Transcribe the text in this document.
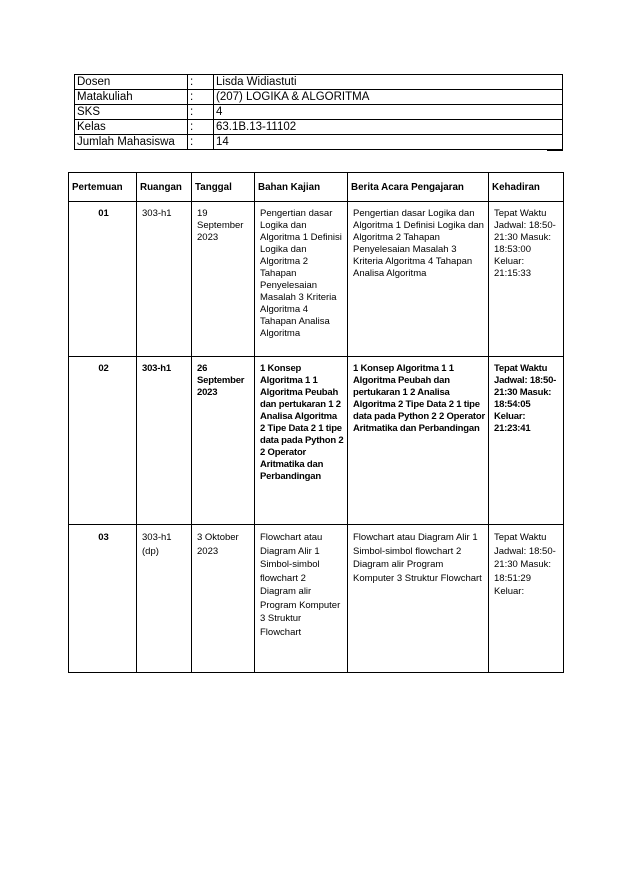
Dosen	:	Lisda Widiastuti
Matakuliah	:	(207) LOGIKA & ALGORITMA
SKS	:	4
Kelas	:	63.1B.13-11102
Jumlah Mahasiswa	:	14
Pertemuan	Ruangan	Tanggal	Bahan Kajian	Berita Acara Pengajaran	Kehadiran
01	303-h1	19 September 2023	Pengertian dasar Logika dan Algoritma 1 Definisi Logika dan Algoritma 2 Tahapan Penyelesaian Masalah 3 Kriteria Algoritma 4 Tahapan Analisa Algoritma	Pengertian dasar Logika dan Algoritma 1 Definisi Logika dan Algoritma 2 Tahapan Penyelesaian Masalah 3 Kriteria Algoritma 4 Tahapan Analisa Algoritma	Tepat Waktu Jadwal: 18:50-21:30 Masuk: 18:53:00 Keluar: 21:15:33
02	303-h1	26 September 2023	1 Konsep Algoritma 1 1 Algoritma Peubah dan pertukaran 1 2 Analisa Algoritma 2 Tipe Data 2 1 tipe data pada Python 2 2 Operator Aritmatika dan Perbandingan	1 Konsep Algoritma 1 1 Algoritma Peubah dan pertukaran 1 2 Analisa Algoritma 2 Tipe Data 2 1 tipe data pada Python 2 2 Operator Aritmatika dan Perbandingan	Tepat Waktu Jadwal: 18:50-21:30 Masuk: 18:54:05 Keluar: 21:23:41
03	303-h1 (dp)	3 Oktober 2023	Flowchart atau Diagram Alir 1 Simbol-simbol flowchart 2 Diagram alir Program Komputer 3 Struktur Flowchart	Flowchart atau Diagram Alir 1 Simbol-simbol flowchart 2 Diagram alir Program Komputer 3 Struktur Flowchart	Tepat Waktu Jadwal: 18:50-21:30 Masuk: 18:51:29 Keluar:
